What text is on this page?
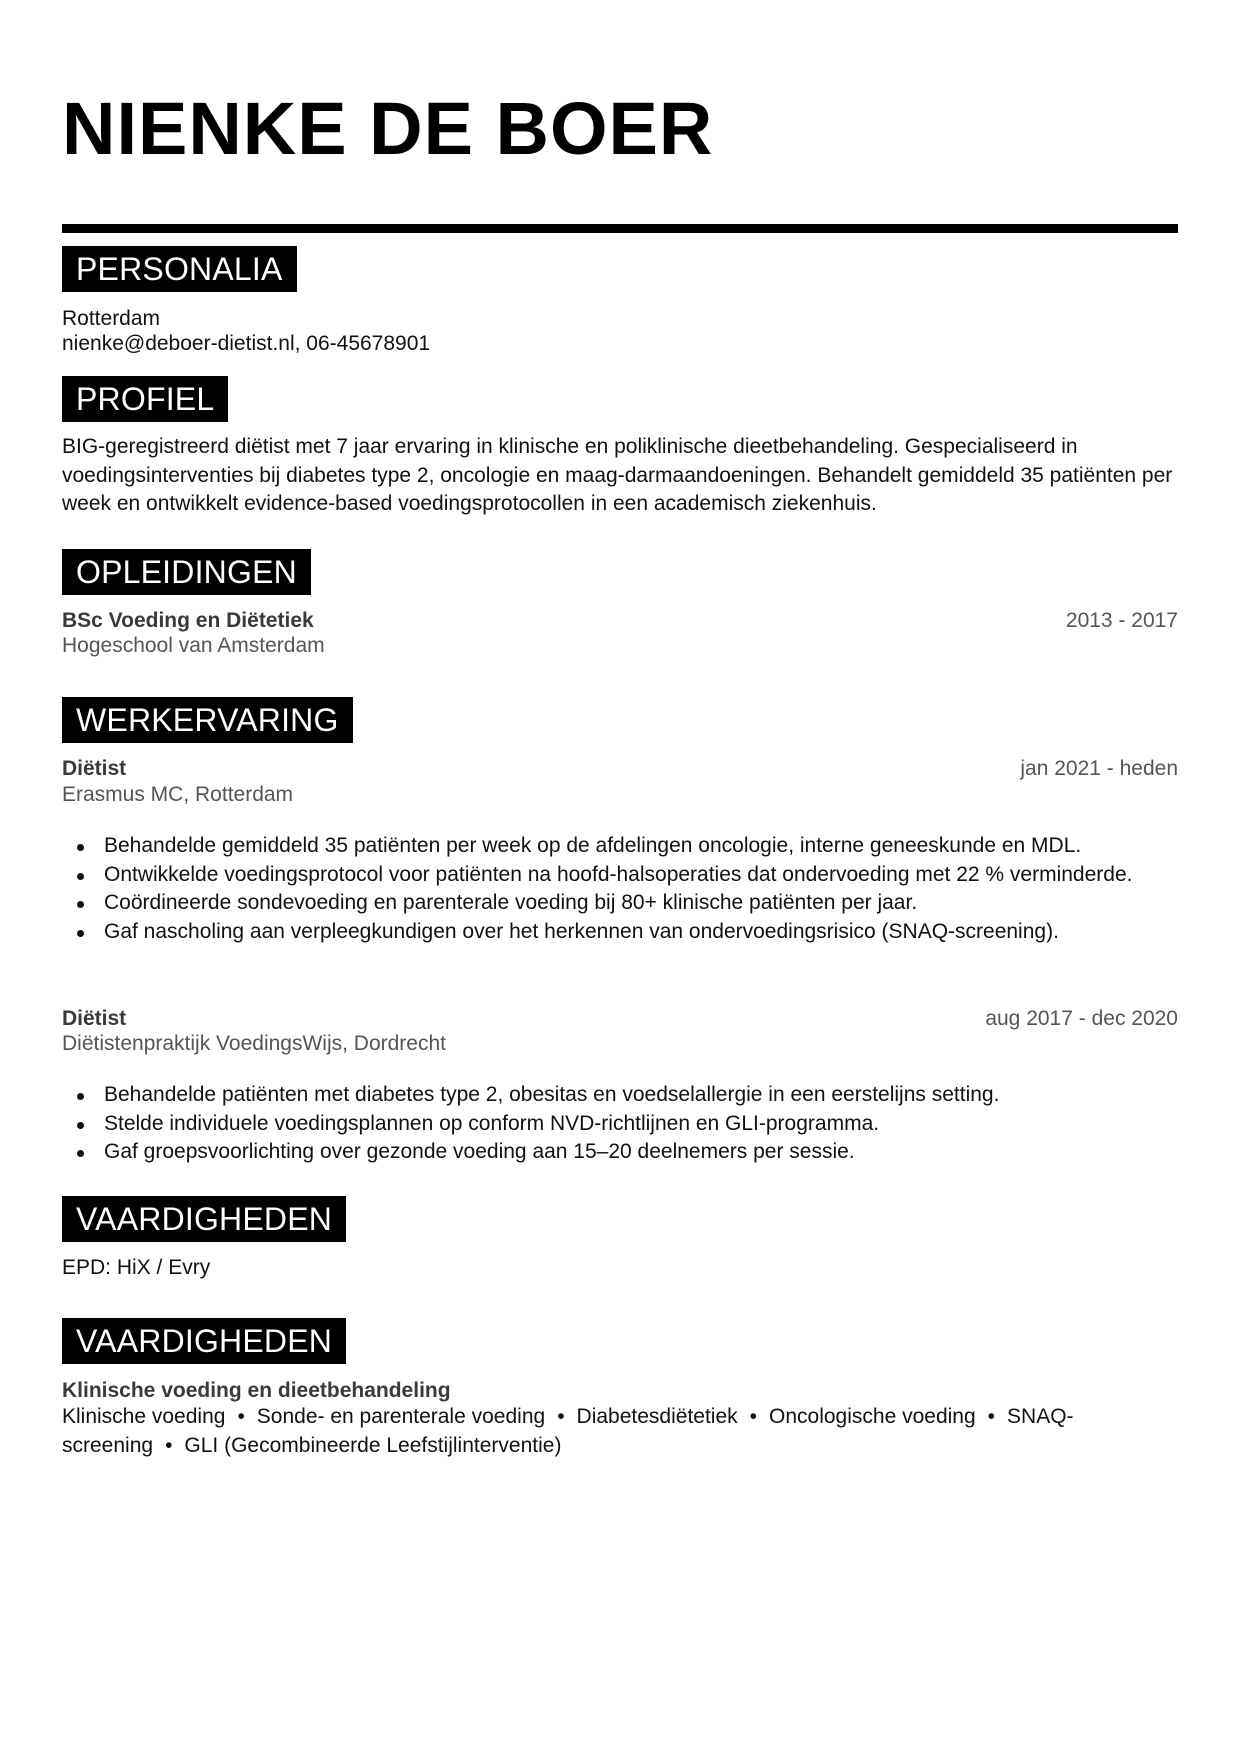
NIENKE DE BOER
PERSONALIA
Rotterdam
nienke@deboer-dietist.nl, 06-45678901
PROFIEL
BIG-geregistreerd diëtist met 7 jaar ervaring in klinische en poliklinische dieetbehandeling. Gespecialiseerd in voedingsinterventies bij diabetes type 2, oncologie en maag-darmaandoeningen. Behandelt gemiddeld 35 patiënten per week en ontwikkelt evidence-based voedingsprotocollen in een academisch ziekenhuis.
OPLEIDINGEN
BSc Voeding en Diëtetiek	2013 - 2017
Hogeschool van Amsterdam
WERKERVARING
Diëtist	jan 2021 - heden
Erasmus MC, Rotterdam
Behandelde gemiddeld 35 patiënten per week op de afdelingen oncologie, interne geneeskunde en MDL.
Ontwikkelde voedingsprotocol voor patiënten na hoofd-halsoperaties dat ondervoeding met 22 % verminderde.
Coördineerde sondevoeding en parenterale voeding bij 80+ klinische patiënten per jaar.
Gaf nascholing aan verpleegkundigen over het herkennen van ondervoedingsrisico (SNAQ-screening).
Diëtist	aug 2017 - dec 2020
Diëtistenpraktijk VoedingsWijs, Dordrecht
Behandelde patiënten met diabetes type 2, obesitas en voedselallergie in een eerstelijns setting.
Stelde individuele voedingsplannen op conform NVD-richtlijnen en GLI-programma.
Gaf groepsvoorlichting over gezonde voeding aan 15–20 deelnemers per sessie.
VAARDIGHEDEN
EPD: HiX / Evry
VAARDIGHEDEN
Klinische voeding en dieetbehandeling
Klinische voeding • Sonde- en parenterale voeding • Diabetesdiëtetiek • Oncologische voeding • SNAQ-screening • GLI (Gecombineerde Leefstijlinterventie)
